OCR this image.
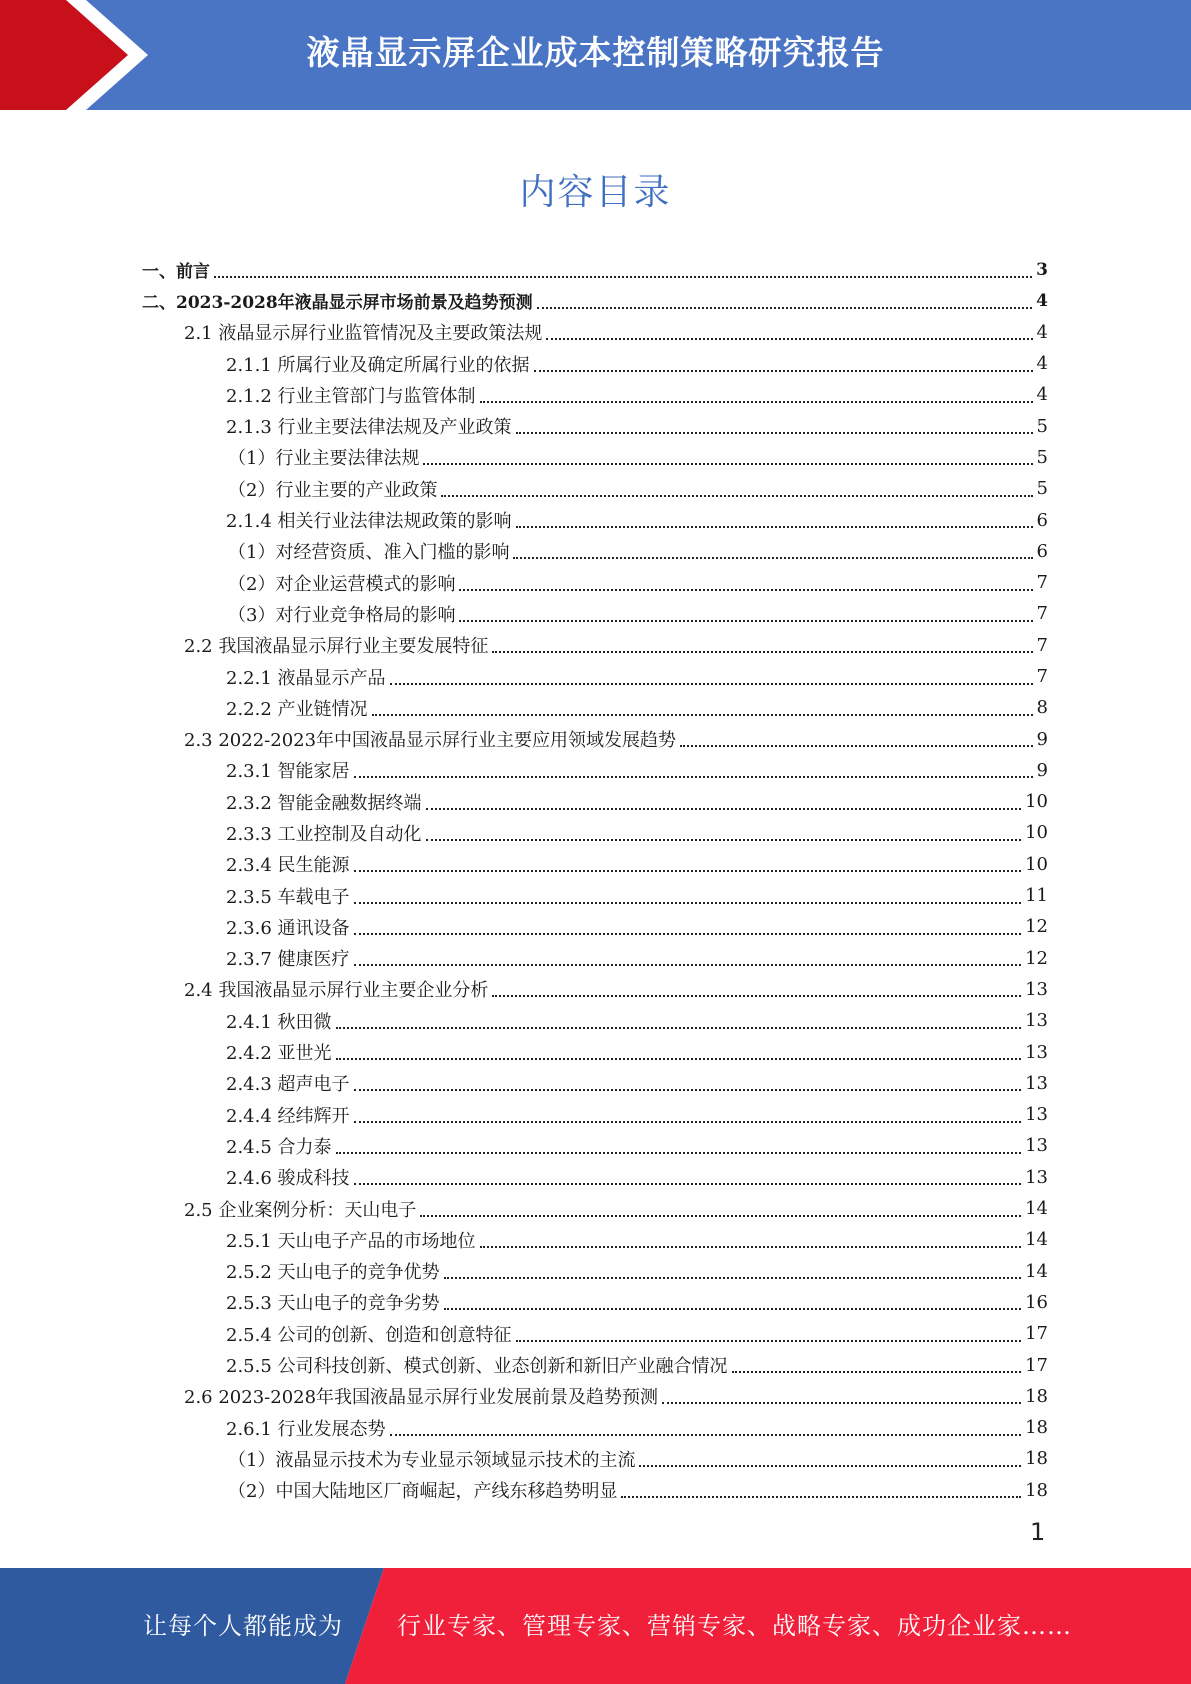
液晶显示屏企业成本控制策略研究报告
内容目录
一、前言	3
二、2023-2028年液晶显示屏市场前景及趋势预测	4
2.1 液晶显示屏行业监管情况及主要政策法规	4
2.1.1 所属行业及确定所属行业的依据	4
2.1.2 行业主管部门与监管体制	4
2.1.3 行业主要法律法规及产业政策	5
（1）行业主要法律法规	5
（2）行业主要的产业政策	5
2.1.4 相关行业法律法规政策的影响	6
（1）对经营资质、准入门槛的影响	6
（2）对企业运营模式的影响	7
（3）对行业竞争格局的影响	7
2.2 我国液晶显示屏行业主要发展特征	7
2.2.1 液晶显示产品	7
2.2.2 产业链情况	8
2.3 2022-2023年中国液晶显示屏行业主要应用领域发展趋势	9
2.3.1 智能家居	9
2.3.2 智能金融数据终端	10
2.3.3 工业控制及自动化	10
2.3.4 民生能源	10
2.3.5 车载电子	11
2.3.6 通讯设备	12
2.3.7 健康医疗	12
2.4 我国液晶显示屏行业主要企业分析	13
2.4.1 秋田微	13
2.4.2 亚世光	13
2.4.3 超声电子	13
2.4.4 经纬辉开	13
2.4.5 合力泰	13
2.4.6 骏成科技	13
2.5 企业案例分析：天山电子	14
2.5.1 天山电子产品的市场地位	14
2.5.2 天山电子的竞争优势	14
2.5.3 天山电子的竞争劣势	16
2.5.4 公司的创新、创造和创意特征	17
2.5.5 公司科技创新、模式创新、业态创新和新旧产业融合情况	17
2.6 2023-2028年我国液晶显示屏行业发展前景及趋势预测	18
2.6.1 行业发展态势	18
（1）液晶显示技术为专业显示领域显示技术的主流	18
（2）中国大陆地区厂商崛起，产线东移趋势明显	18
1
让每个人都能成为 行业专家、管理专家、营销专家、战略专家、成功企业家……
